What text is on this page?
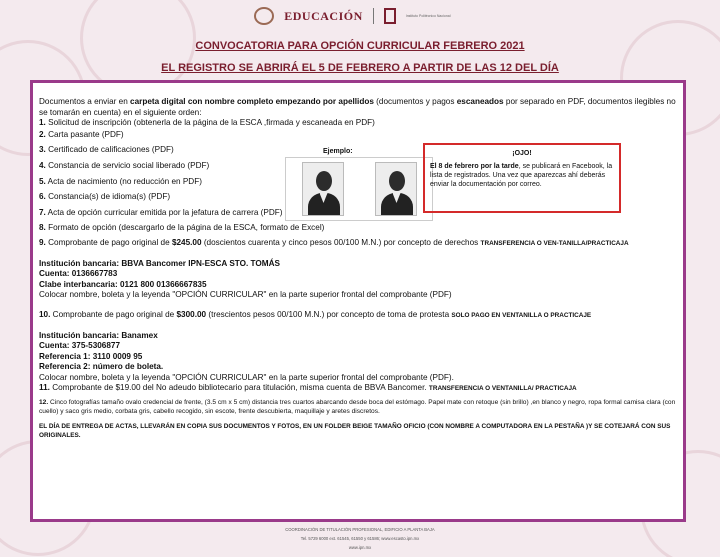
EDUCACIÓN	Instituto Politécnico Nacional
CONVOCATORIA PARA OPCIÓN CURRICULAR FEBRERO 2021
EL REGISTRO SE ABRIRÁ EL 5 DE FEBRERO A PARTIR DE LAS 12 DEL DÍA

Documentos a enviar en carpeta digital con nombre completo empezando por apellidos (documentos y pagos escaneados por separado en PDF, documentos ilegibles no se tomarán en cuenta) en el siguiente orden:

1. Solicitud de inscripción (obtenerla de la página de la ESCA ,firmada y escaneada en PDF)

2. Carta pasante (PDF)

3. Certificado de calificaciones (PDF)

4. Constancia de servicio social liberado (PDF)

5. Acta de nacimiento (no reducción en PDF)

6. Constancia(s) de idioma(s) (PDF)

7. Acta de opción curricular emitida por la jefatura de carrera (PDF)

8. Formato de opción (descargarlo de la página de la ESCA, formato de Excel)

9. Comprobante de pago original de $245.00 (doscientos cuarenta y cinco pesos 00/100 M.N.) por concepto de derechos TRANSFERENCIA O VEN-TANILLA/PRACTICAJA

Institución bancaria: BBVA Bancomer IPN-ESCA STO. TOMÁS

Cuenta: 0136667783

Clabe interbancaria: 0121 800 01366667835

Colocar nombre, boleta y la leyenda "OPCIÓN CURRICULAR" en la parte superior frontal del comprobante (PDF)

10. Comprobante de pago original de $300.00 (trescientos pesos 00/100 M.N.) por concepto de toma de protesta SOLO PAGO EN VENTANILLA O PRACTICAJE

Institución bancaria: Banamex

Cuenta: 375-5306877

Referencia 1: 3110 0009 95

Referencia 2: número de boleta.

Colocar nombre, boleta y la leyenda "OPCIÓN CURRICULAR" en la parte superior frontal del comprobante (PDF).

11. Comprobante de $19.00 del No adeudo bibliotecario para titulación, misma cuenta de BBVA Bancomer. TRANSFERENCIA O VENTANILLA/ PRACTICAJA

12. Cinco fotografías tamaño ovalo credencial de frente, (3.5 cm x 5 cm) distancia tres cuartos abarcando desde boca del estómago. Papel mate con retoque (sin brillo) ,en blanco y negro, ropa formal camisa clara (con cuello) y saco gris medio, corbata gris, cabello recogido, sin escote, frente descubierta, maquillaje y aretes discretos.

EL DÍA DE ENTREGA DE ACTAS, LLEVARÁN EN COPIA SUS DOCUMENTOS Y FOTOS, EN UN FOLDER BEIGE TAMAÑO OFICIO (CON NOMBRE A COMPUTADORA EN LA PESTAÑA )Y SE COTEJARÁ CON SUS ORIGINALES.

Ejemplo:	¡OJO!
El 8 de febrero por la tarde, se publicará en Facebook, la lista de registrados. Una vez que aparezcas ahí deberás enviar la documentación por correo.
COORDINACIÓN DE TITULACIÓN PROFESIONAL, EDIFICIO A PLANTA BAJA
Tel. 5729 6000 ext. 61545, 61550 y 61586; www.escasto.ipn.mx
www.ipn.mx
